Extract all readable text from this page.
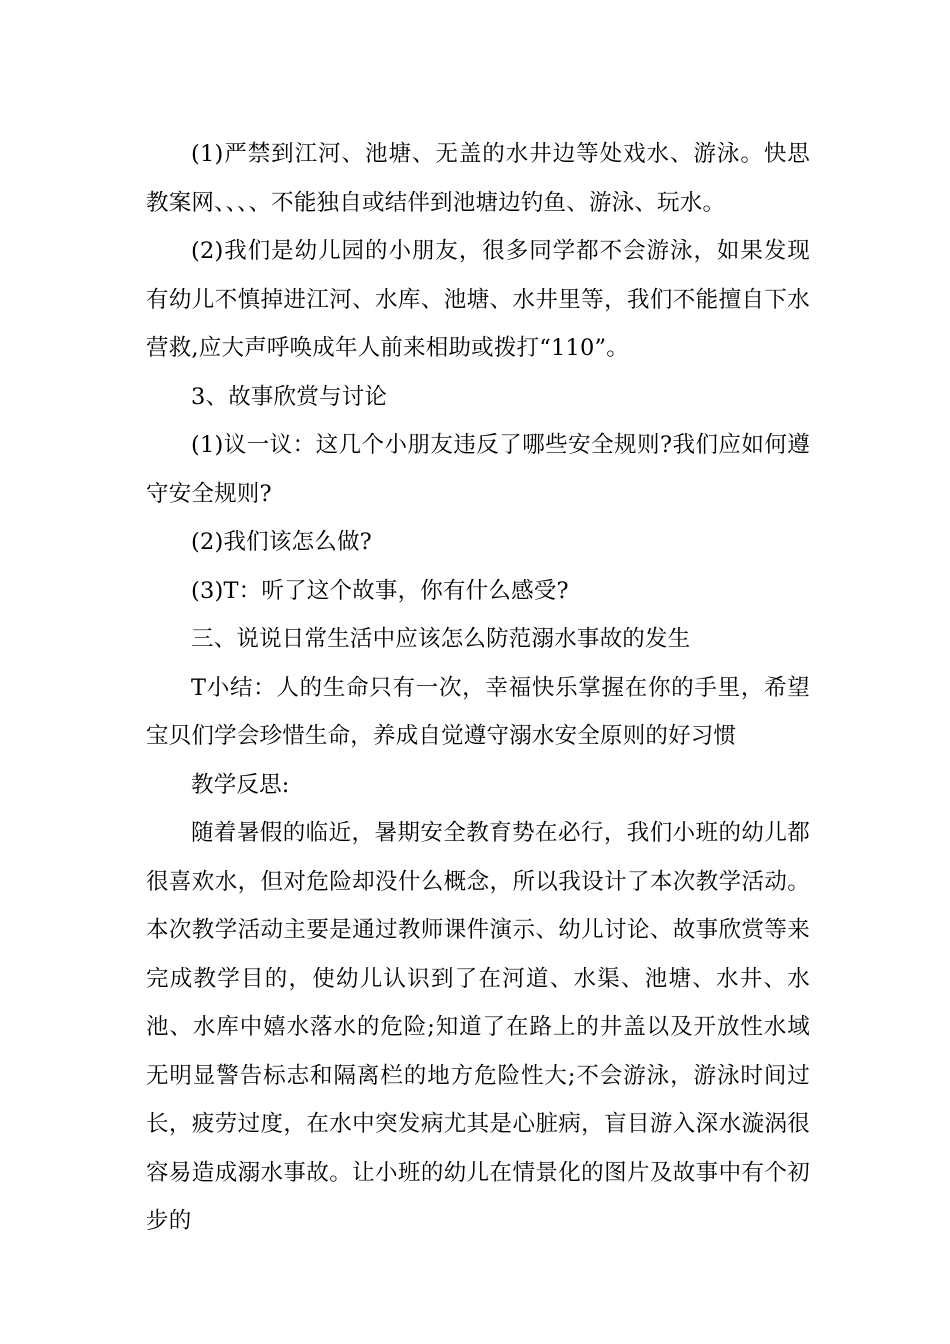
(1)严禁到江河、池塘、无盖的水井边等处戏水、游泳。快思教案网、、、、不能独自或结伴到池塘边钓鱼、游泳、玩水。

(2)我们是幼儿园的小朋友，很多同学都不会游泳，如果发现有幼儿不慎掉进江河、水库、池塘、水井里等，我们不能擅自下水营救,应大声呼唤成年人前来相助或拨打“110”。

3、故事欣赏与讨论

(1)议一议：这几个小朋友违反了哪些安全规则?我们应如何遵守安全规则?

(2)我们该怎么做?

(3)T：听了这个故事，你有什么感受?

三、说说日常生活中应该怎么防范溺水事故的发生

T小结：人的生命只有一次，幸福快乐掌握在你的手里，希望宝贝们学会珍惜生命，养成自觉遵守溺水安全原则的好习惯

教学反思:

随着暑假的临近，暑期安全教育势在必行，我们小班的幼儿都很喜欢水，但对危险却没什么概念，所以我设计了本次教学活动。本次教学活动主要是通过教师课件演示、幼儿讨论、故事欣赏等来完成教学目的，使幼儿认识到了在河道、水渠、池塘、水井、水池、水库中嬉水落水的危险;知道了在路上的井盖以及开放性水域无明显警告标志和隔离栏的地方危险性大;不会游泳，游泳时间过长，疲劳过度，在水中突发病尤其是心脏病，盲目游入深水漩涡很容易造成溺水事故。让小班的幼儿在情景化的图片及故事中有个初步的
